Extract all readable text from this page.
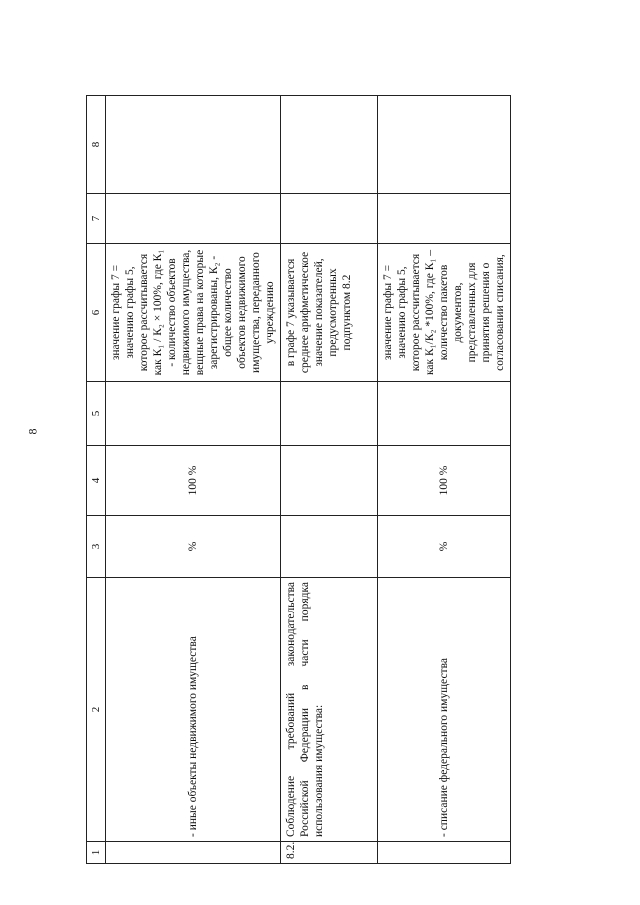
8
1	2	3	4	5	6	7	8
	- иные объекты недвижимого имущества	%	100 %		значение графы 7 = значению графы 5, которое рассчитывается как К₁ / К₂ × 100%, где К₁ - количество объектов недвижимого имущества, вещные права на которые зарегистрированы, К₂ - общее количество объектов недвижимого имущества, переданного учреждению		
8.2.	Соблюдение требований законодательства Российской Федерации в части порядка использования имущества:				в графе 7 указывается среднее арифметическое значение показателей, предусмотренных подпунктом 8.2		
	- списание федерального имущества	%	100 %		значение графы 7 = значению графы 5, которое рассчитывается как К₁/К₂ *100%, где К₁ – количество пакетов документов, представленных для принятия решения о согласовании списания,		
